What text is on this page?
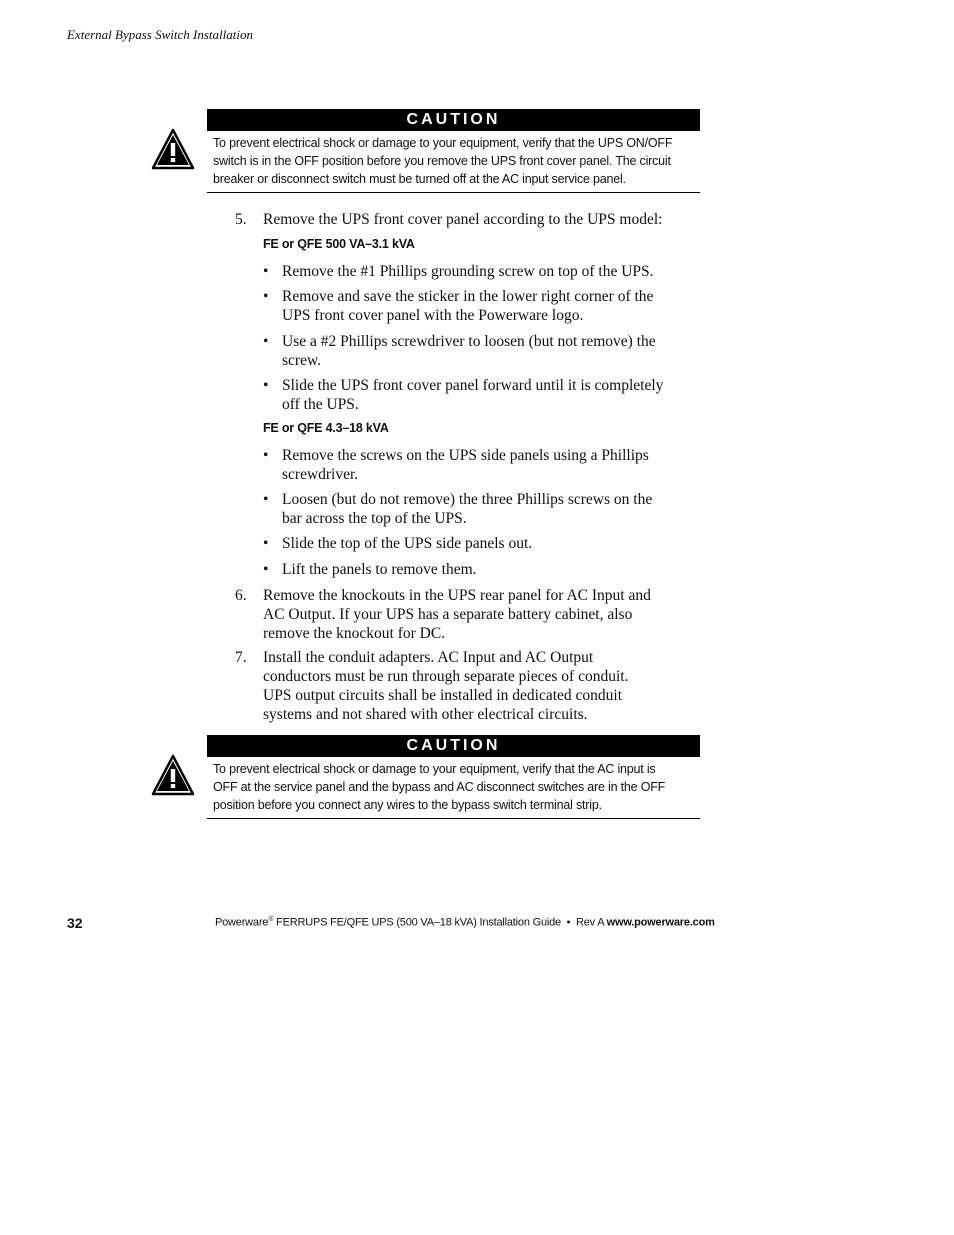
External Bypass Switch Installation
CAUTION
To prevent electrical shock or damage to your equipment, verify that the UPS ON/OFF
switch is in the OFF position before you remove the UPS front cover panel. The circuit
breaker or disconnect switch must be turned off at the AC input service panel.
5. Remove the UPS front cover panel according to the UPS model:
FE or QFE 500 VA–3.1 kVA
• Remove the #1 Phillips grounding screw on top of the UPS.
• Remove and save the sticker in the lower right corner of the
UPS front cover panel with the Powerware logo.
• Use a #2 Phillips screwdriver to loosen (but not remove) the
screw.
• Slide the UPS front cover panel forward until it is completely
off the UPS.
FE or QFE 4.3–18 kVA
• Remove the screws on the UPS side panels using a Phillips
screwdriver.
• Loosen (but do not remove) the three Phillips screws on the
bar across the top of the UPS.
• Slide the top of the UPS side panels out.
• Lift the panels to remove them.
6. Remove the knockouts in the UPS rear panel for AC Input and
AC Output. If your UPS has a separate battery cabinet, also
remove the knockout for DC.
7. Install the conduit adapters. AC Input and AC Output
conductors must be run through separate pieces of conduit.
UPS output circuits shall be installed in dedicated conduit
systems and not shared with other electrical circuits.
CAUTION
To prevent electrical shock or damage to your equipment, verify that the AC input is
OFF at the service panel and the bypass and AC disconnect switches are in the OFF
position before you connect any wires to the bypass switch terminal strip.
32	Powerware® FERRUPS FE/QFE UPS (500 VA–18 kVA) Installation Guide  •  Rev A www.powerware.com
